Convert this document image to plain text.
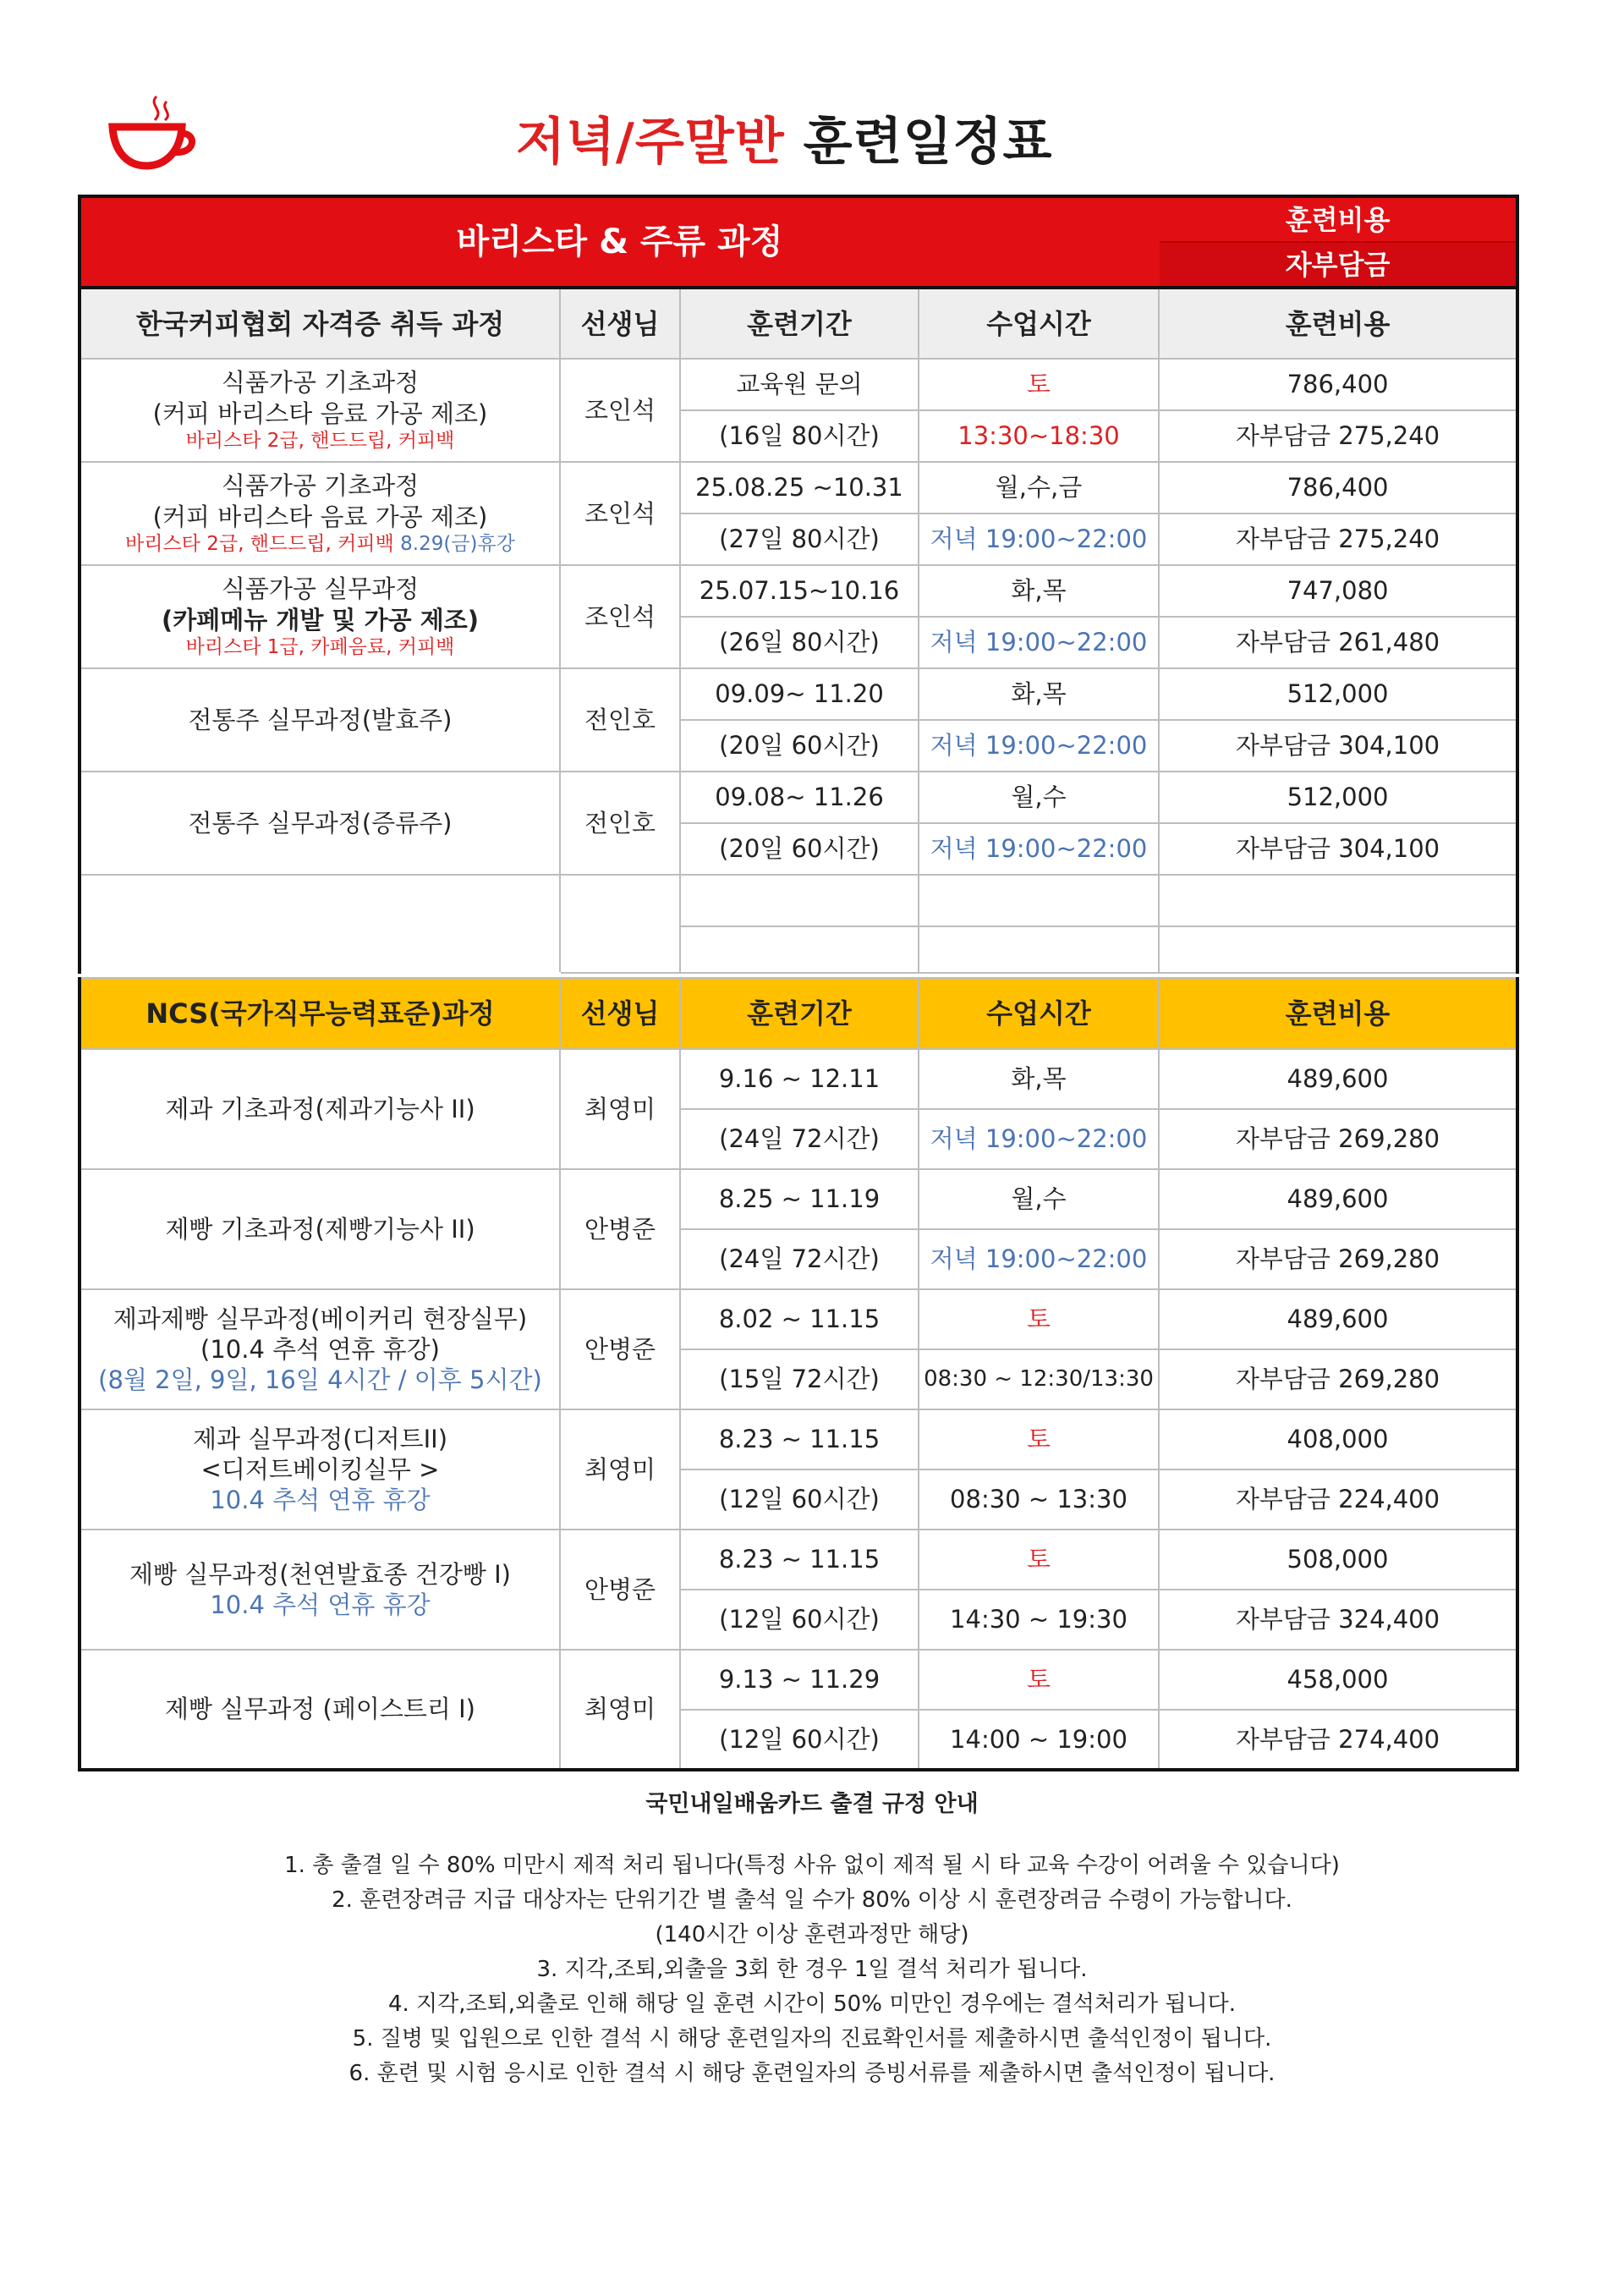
저녁/주말반 훈련일정표
바리스타 & 주류 과정				훈련비용
				자부담금
한국커피협회 자격증 취득 과정	선생님	훈련기간	수업시간	훈련비용

식품가공 기초과정
(커피 바리스타 음료 가공 제조)
바리스타 2급, 핸드드립, 커피백	조인석	교육원 문의	토	786,400
		(16일 80시간)	13:30~18:30	자부담금 275,240

식품가공 기초과정
(커피 바리스타 음료 가공 제조)
바리스타 2급, 핸드드립, 커피백 8.29(금)휴강	조인석	25.08.25 ~10.31	월,수,금	786,400
		(27일 80시간)	저녁 19:00~22:00	자부담금 275,240

식품가공 실무과정
(카페메뉴 개발 및 가공 제조)
바리스타 1급, 카페음료, 커피백	조인석	25.07.15~10.16	화,목	747,080
		(26일 80시간)	저녁 19:00~22:00	자부담금 261,480
전통주 실무과정(발효주)	전인호	09.09~ 11.20	화,목	512,000
		(20일 60시간)	저녁 19:00~22:00	자부담금 304,100
전통주 실무과정(증류주)	전인호	09.08~ 11.26	월,수	512,000
		(20일 60시간)	저녁 19:00~22:00	자부담금 304,100

NCS(국가직무능력표준)과정	선생님	훈련기간	수업시간	훈련비용
제과 기초과정(제과기능사 II)	최영미	9.16 ~ 12.11	화,목	489,600
		(24일 72시간)	저녁 19:00~22:00	자부담금 269,280
제빵 기초과정(제빵기능사 II)	안병준	8.25 ~ 11.19	월,수	489,600
		(24일 72시간)	저녁 19:00~22:00	자부담금 269,280

제과제빵 실무과정(베이커리 현장실무)
(10.4 추석 연휴 휴강)
(8월 2일, 9일, 16일 4시간 / 이후 5시간)	안병준	8.02 ~ 11.15	토	489,600
		(15일 72시간)	08:30 ~ 12:30/13:30	자부담금 269,280

제과 실무과정(디저트II)
<디저트베이킹실무 >
10.4 추석 연휴 휴강	최영미	8.23 ~ 11.15	토	408,000
		(12일 60시간)	08:30 ~ 13:30	자부담금 224,400

제빵 실무과정(천연발효종 건강빵 I)
10.4 추석 연휴 휴강	안병준	8.23 ~ 11.15	토	508,000
		(12일 60시간)	14:30 ~ 19:30	자부담금 324,400
제빵 실무과정 (페이스트리 I)	최영미	9.13 ~ 11.29	토	458,000
		(12일 60시간)	14:00 ~ 19:00	자부담금 274,400
국민내일배움카드 출결 규정 안내
1. 총 출결 일 수 80% 미만시 제적 처리 됩니다(특정 사유 없이 제적 될 시 타 교육 수강이 어려울 수 있습니다)
2. 훈련장려금 지급 대상자는 단위기간 별 출석 일 수가 80% 이상 시 훈련장려금 수령이 가능합니다.
(140시간 이상 훈련과정만 해당)
3. 지각,조퇴,외출을 3회 한 경우 1일 결석 처리가 됩니다.
4. 지각,조퇴,외출로 인해 해당 일 훈련 시간이 50% 미만인 경우에는 결석처리가 됩니다.
5. 질병 및 입원으로 인한 결석 시 해당 훈련일자의 진료확인서를 제출하시면 출석인정이 됩니다.
6. 훈련 및 시험 응시로 인한 결석 시 해당 훈련일자의 증빙서류를 제출하시면 출석인정이 됩니다.
